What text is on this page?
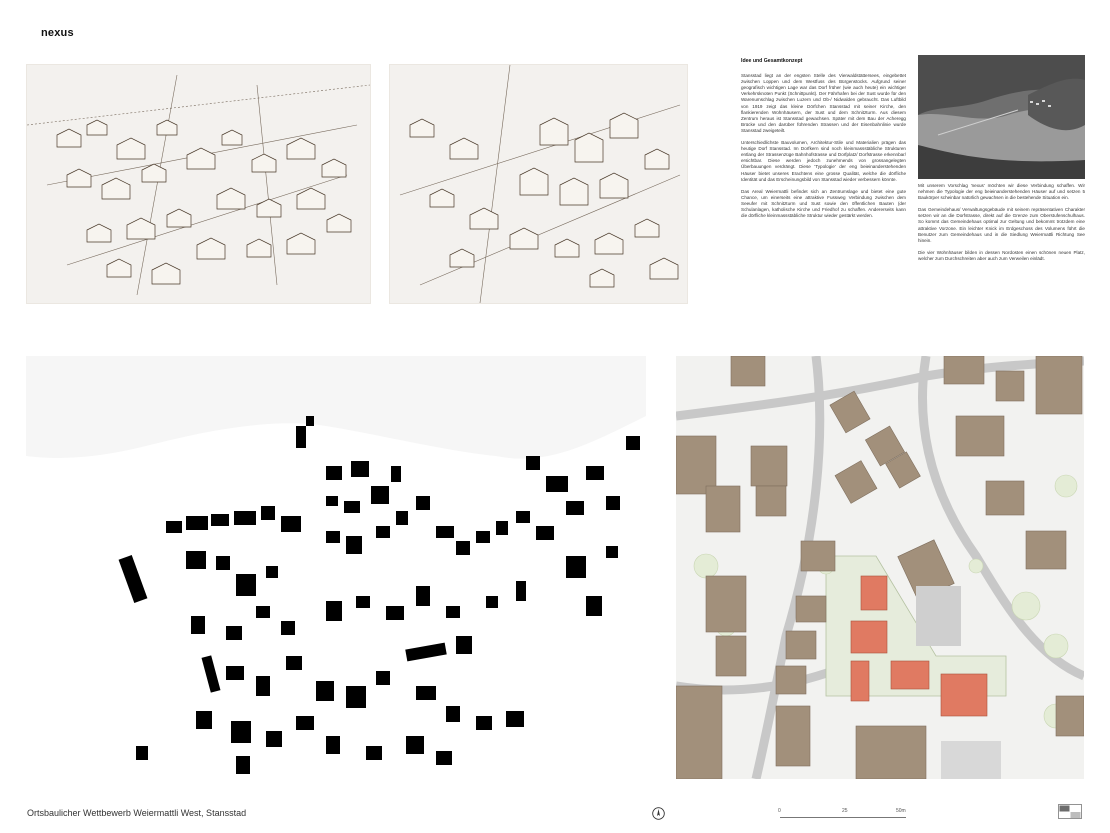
nexus
Idee und Gesamtkonzept

Stansstad liegt an der engsten Stelle des Vierwaldstättersees, eingebettet zwischen Loppen und dem Westfuss des Bürgenstocks. Aufgrund seiner geografisch wichtigen Lage war das Dorf früher (wie auch heute) ein wichtiger Verkehrsknoten Punkt (Schnittpunkt). Der Fährhafen bei der Sust wurde für den Warenumschlag zwischen Luzern und Ob-/ Nidwalden gebraucht. Das Luftbild von 1919 zeigt das kleine Dörfchen Stansstad mit seiner Kirche, den flankierenden Wohnhäusern, der Sust und dem Schnitzturm. Aus diesem Zentrum heraus ist Stansstad gewachsen. Später mit dem Bau der Acheregg Brücke und den darüber führenden Strassen und der Eisenbahnlinie wurde Stansstad zweigeteilt.

Unterschiedlichste Bauvolumen, Architektur-Stile und Materialien prägen das heutige Dorf Stansstad. Im Dorfkern sind noch kleinmassstäbliche Strukturen entlang der Strassenzüge Bahnhofstrasse und Dorfplatz/ Dorfstrasse erkennbar/ ersichtbar. Diese werden jedoch zunehmends von grossangelegten Überbauungen verdrängt. Diese 'Typologie' der eng beieinanderstehenden Häuser bietet unseres Erachtens eine grosse Qualität, welche die dörfliche Identität und das Erscheinungsbild von Stansstad wieder verbessern könnte.

Das Areal Weiermattli befindet sich an Zentrumslage und bietet eine gute Chance, um einerseits eine attraktive Fussweg Verbindung zwischen dem Seeufer mit Schnitzturm und Sust sowie den öffentlichen Bauten (der Schulanlagen, katholische Kirche und Friedhof zu schaffen. Andererseits kann die dörfliche kleinmassstäbliche Struktur wieder gestärkt werden.

Mit unserem Vorschlag 'nexus' möchten wir diese Verbindung schaffen. Wir nehmen die Typologie der eng beieinanderstehenden Häuser auf und setzen 5 Baukörper scheinbar natürlich gewachsen in die bestehende Situation ein.

Das Gemeindehaus/ Verwaltungsgebäude mit seinem repräsentativen Charakter setzen wir an die Dorfstrasse, direkt auf die Grenze zum Oberstufenschulhaus. So kommt das Gemeindehaus optimal zur Geltung und bekommt trotzdem eine attraktive Vorzone. Ein leichter Knick im Erdgeschoss des Volumens führt die Benutzer zum Gemeindehaus und in die Siedlung Weiermattli Richtung See hinein.

Die vier Wohnhäuser bilden in dessen Nordosten einen schönen neuen Platz, welcher zum Durchschreiten aber auch zum Verweilen einlädt.

Ortsbaulicher Wettbewerb Weiermattli West, Stansstad	0	25	50m
